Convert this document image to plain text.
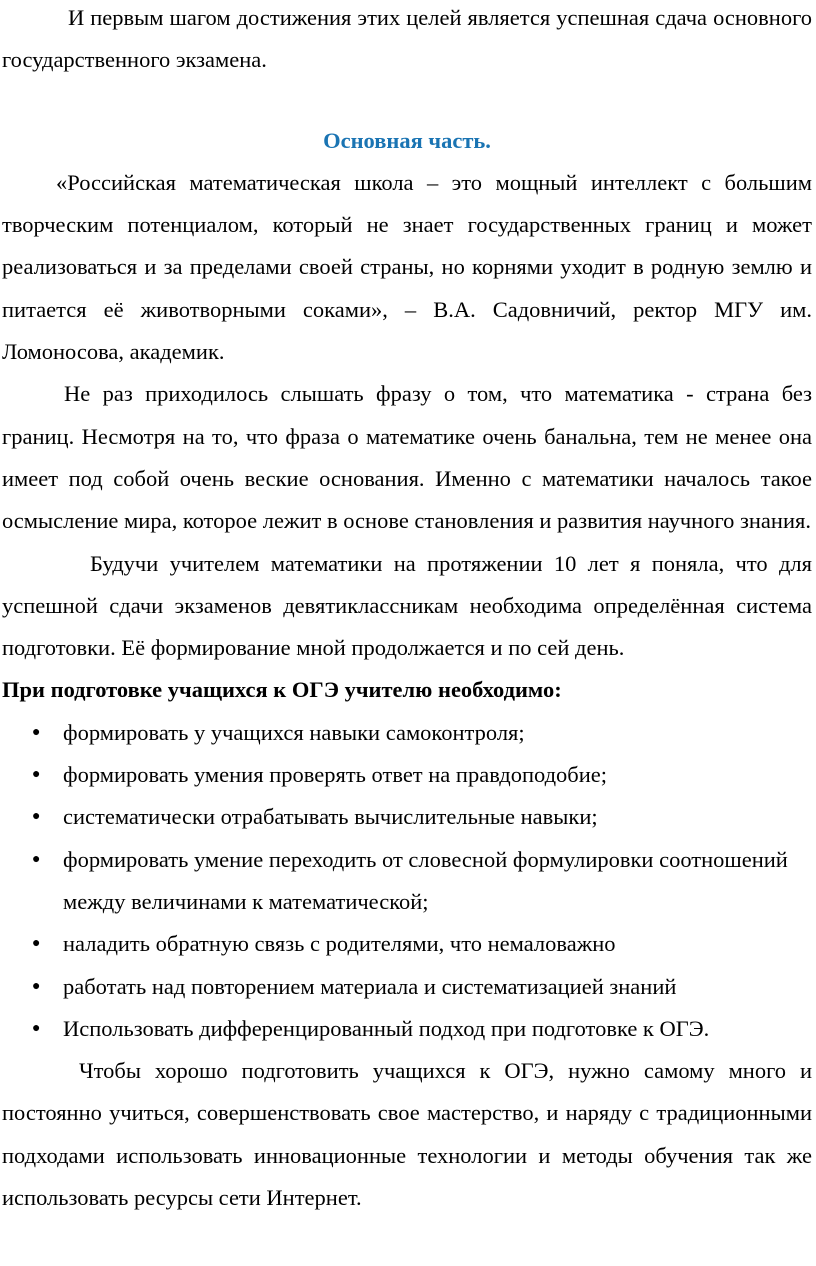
И первым шагом достижения этих целей является успешная сдача основного государственного экзамена.

Основная часть.

«Российская математическая школа – это мощный интеллект с большим творческим потенциалом, который не знает государственных границ и может реализоваться и за пределами своей страны, но корнями уходит в родную землю и питается её животворными соками», – В.А. Садовничий, ректор МГУ им. Ломоносова, академик.

Не раз приходилось слышать фразу о том, что математика - страна без границ. Несмотря на то, что фраза о математике очень банальна, тем не менее она имеет под собой очень веские основания. Именно с математики началось такое осмысление мира, которое лежит в основе становления и развития научного знания.

Будучи учителем математики на протяжении 10 лет я поняла, что для успешной сдачи экзаменов девятиклассникам необходима определённая система подготовки. Её формирование мной продолжается и по сей день.

При подготовке учащихся к ОГЭ учителю необходимо:

● формировать у учащихся навыки самоконтроля;
● формировать умения проверять ответ на правдоподобие;
● систематически отрабатывать вычислительные навыки;
● формировать умение переходить от словесной формулировки соотношений между величинами к математической;
● наладить обратную связь с родителями, что немаловажно
● работать над повторением материала и систематизацией знаний
● Использовать дифференцированный подход при подготовке к ОГЭ.

Чтобы хорошо подготовить учащихся к ОГЭ, нужно самому много и постоянно учиться, совершенствовать свое мастерство, и наряду с традиционными подходами использовать инновационные технологии и методы обучения так же использовать ресурсы сети Интернет.
